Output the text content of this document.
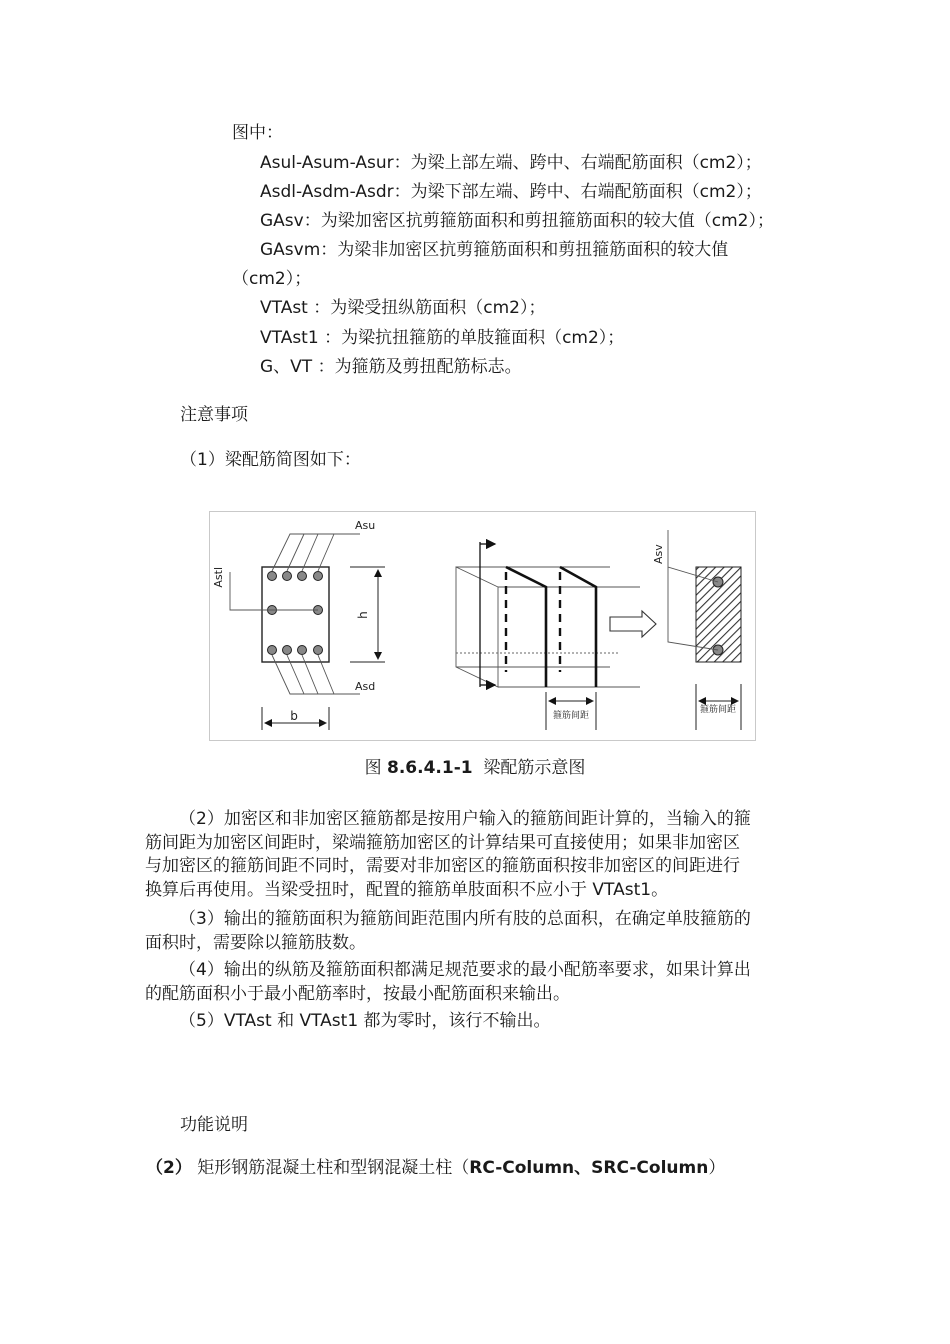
图中：
Asul-Asum-Asur：为梁上部左端、跨中、右端配筋面积（cm2）；
Asdl-Asdm-Asdr：为梁下部左端、跨中、右端配筋面积（cm2）；
GAsv：为梁加密区抗剪箍筋面积和剪扭箍筋面积的较大值（cm2）；
GAsvm：为梁非加密区抗剪箍筋面积和剪扭箍筋面积的较大值
（cm2）；
VTAst ：为梁受扭纵筋面积（cm2）；
VTAst1 ：为梁抗扭箍筋的单肢箍面积（cm2）；
G、VT ：为箍筋及剪扭配筋标志。
注意事项
（1）梁配筋简图如下：
Asu
Astl
Asd
h
b	箍筋间距
Asv
箍筋间距
图 8.6.4.1-1  梁配筋示意图
（2）加密区和非加密区箍筋都是按用户输入的箍筋间距计算的，当输入的箍
筋间距为加密区间距时，梁端箍筋加密区的计算结果可直接使用；如果非加密区
与加密区的箍筋间距不同时，需要对非加密区的箍筋面积按非加密区的间距进行
换算后再使用。当梁受扭时，配置的箍筋单肢面积不应小于 VTAst1。
（3）输出的箍筋面积为箍筋间距范围内所有肢的总面积，在确定单肢箍筋的
面积时，需要除以箍筋肢数。
（4）输出的纵筋及箍筋面积都满足规范要求的最小配筋率要求，如果计算出
的配筋面积小于最小配筋率时，按最小配筋面积来输出。
（5）VTAst 和 VTAst1 都为零时，该行不输出。
功能说明
（2） 矩形钢筋混凝土柱和型钢混凝土柱（RC-Column、SRC-Column）
